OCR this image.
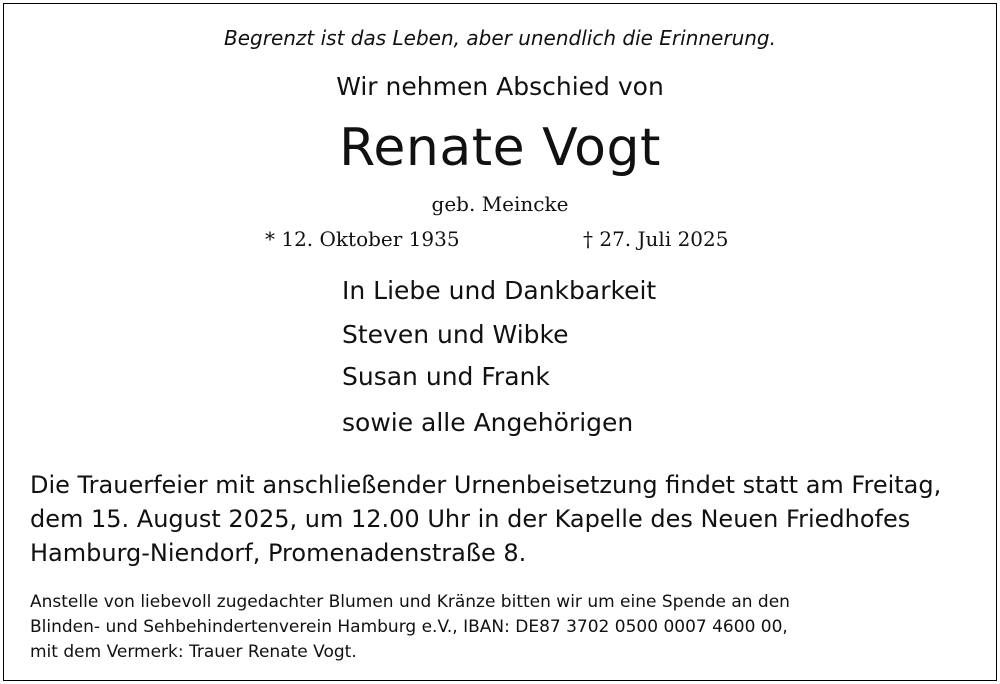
Begrenzt ist das Leben, aber unendlich die Erinnerung.
Wir nehmen Abschied von
Renate Vogt
geb. Meincke
* 12. Oktober 1935	† 27. Juli 2025
In Liebe und Dankbarkeit
Steven und Wibke
Susan und Frank
sowie alle Angehörigen
Die Trauerfeier mit anschließender Urnenbeisetzung findet statt am Freitag,
dem 15. August 2025, um 12.00 Uhr in der Kapelle des Neuen Friedhofes
Hamburg-Niendorf, Promenadenstraße 8.
Anstelle von liebevoll zugedachter Blumen und Kränze bitten wir um eine Spende an den
Blinden- und Sehbehindertenverein Hamburg e.V., IBAN: DE87 3702 0500 0007 4600 00,
mit dem Vermerk: Trauer Renate Vogt.
